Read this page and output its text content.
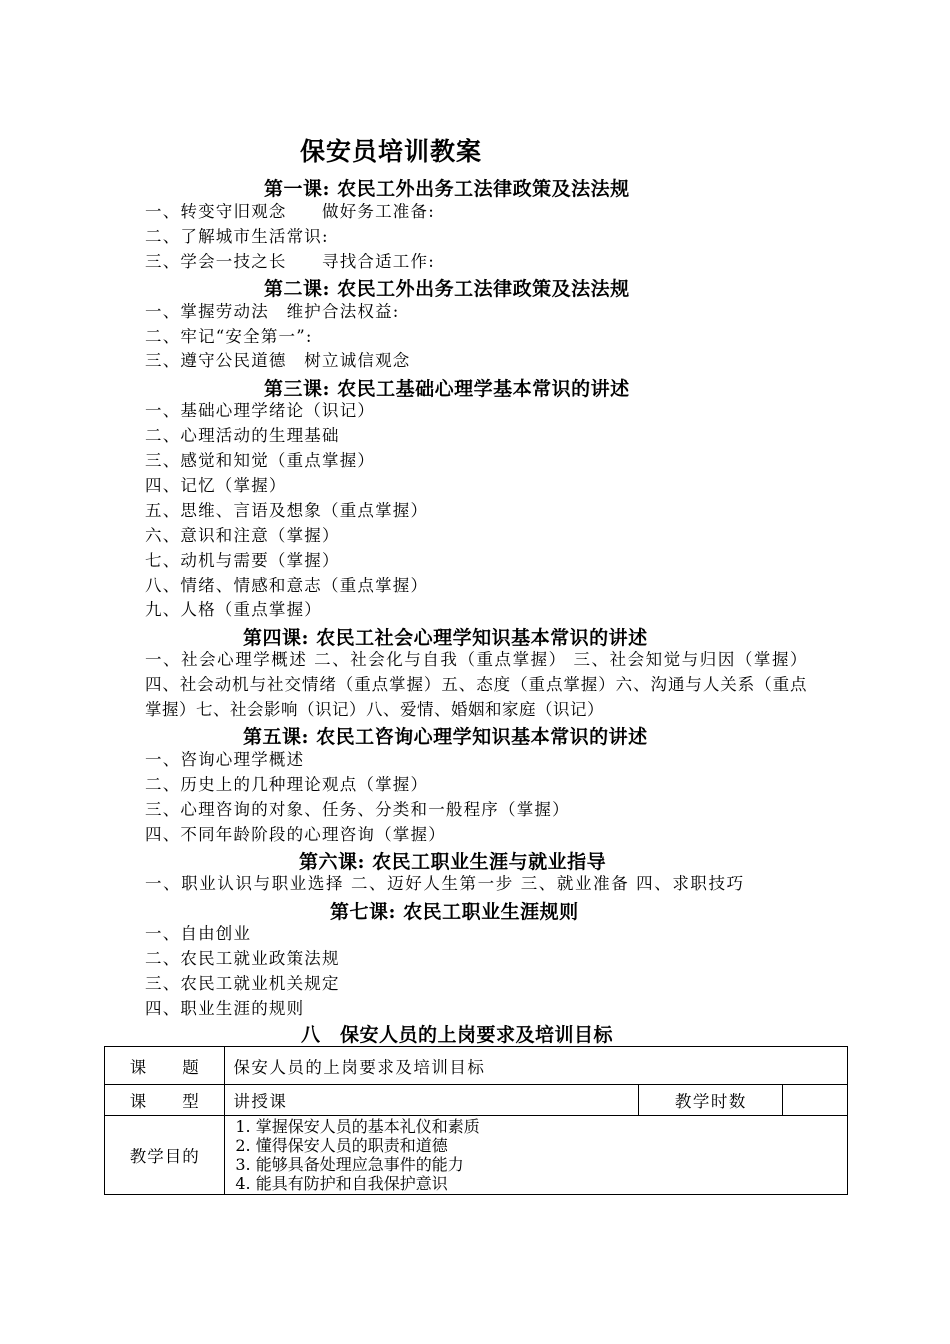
保安员培训教案
第一课: 农民工外出务工法律政策及法法规
一、转变守旧观念　　做好务工准备:
二、了解城市生活常识:
三、学会一技之长　　寻找合适工作:
第二课: 农民工外出务工法律政策及法法规
一、掌握劳动法　维护合法权益:
二、牢记“安全第一”:
三、遵守公民道德　树立诚信观念
第三课: 农民工基础心理学基本常识的讲述
一、基础心理学绪论（识记）
二、心理活动的生理基础
三、感觉和知觉（重点掌握）
四、记忆（掌握）
五、思维、言语及想象（重点掌握）
六、意识和注意（掌握）
七、动机与需要（掌握）
八、情绪、情感和意志（重点掌握）
九、人格（重点掌握）
第四课: 农民工社会心理学知识基本常识的讲述
一、社会心理学概述 二、社会化与自我（重点掌握） 三、社会知觉与归因（掌握） 四、社会动机与社交情绪（重点掌握）五、态度（重点掌握）六、沟通与人关系（重点掌握）七、社会影响（识记）八、爱情、婚姻和家庭（识记）
第五课: 农民工咨询心理学知识基本常识的讲述
一、咨询心理学概述
二、历史上的几种理论观点（掌握）
三、心理咨询的对象、任务、分类和一般程序（掌握）
四、不同年龄阶段的心理咨询（掌握）
第六课: 农民工职业生涯与就业指导
一、职业认识与职业选择 二、迈好人生第一步 三、就业准备 四、求职技巧
第七课: 农民工职业生涯规则
一、自由创业
二、农民工就业政策法规
三、农民工就业机关规定
四、职业生涯的规则
八　保安人员的上岗要求及培训目标
课　　题	保安人员的上岗要求及培训目标		
课　　型	讲授课	教学时数	
教学目的	1. 掌握保安人员的基本礼仪和素质
2. 懂得保安人员的职责和道德
3. 能够具备处理应急事件的能力
4. 能具有防护和自我保护意识		
